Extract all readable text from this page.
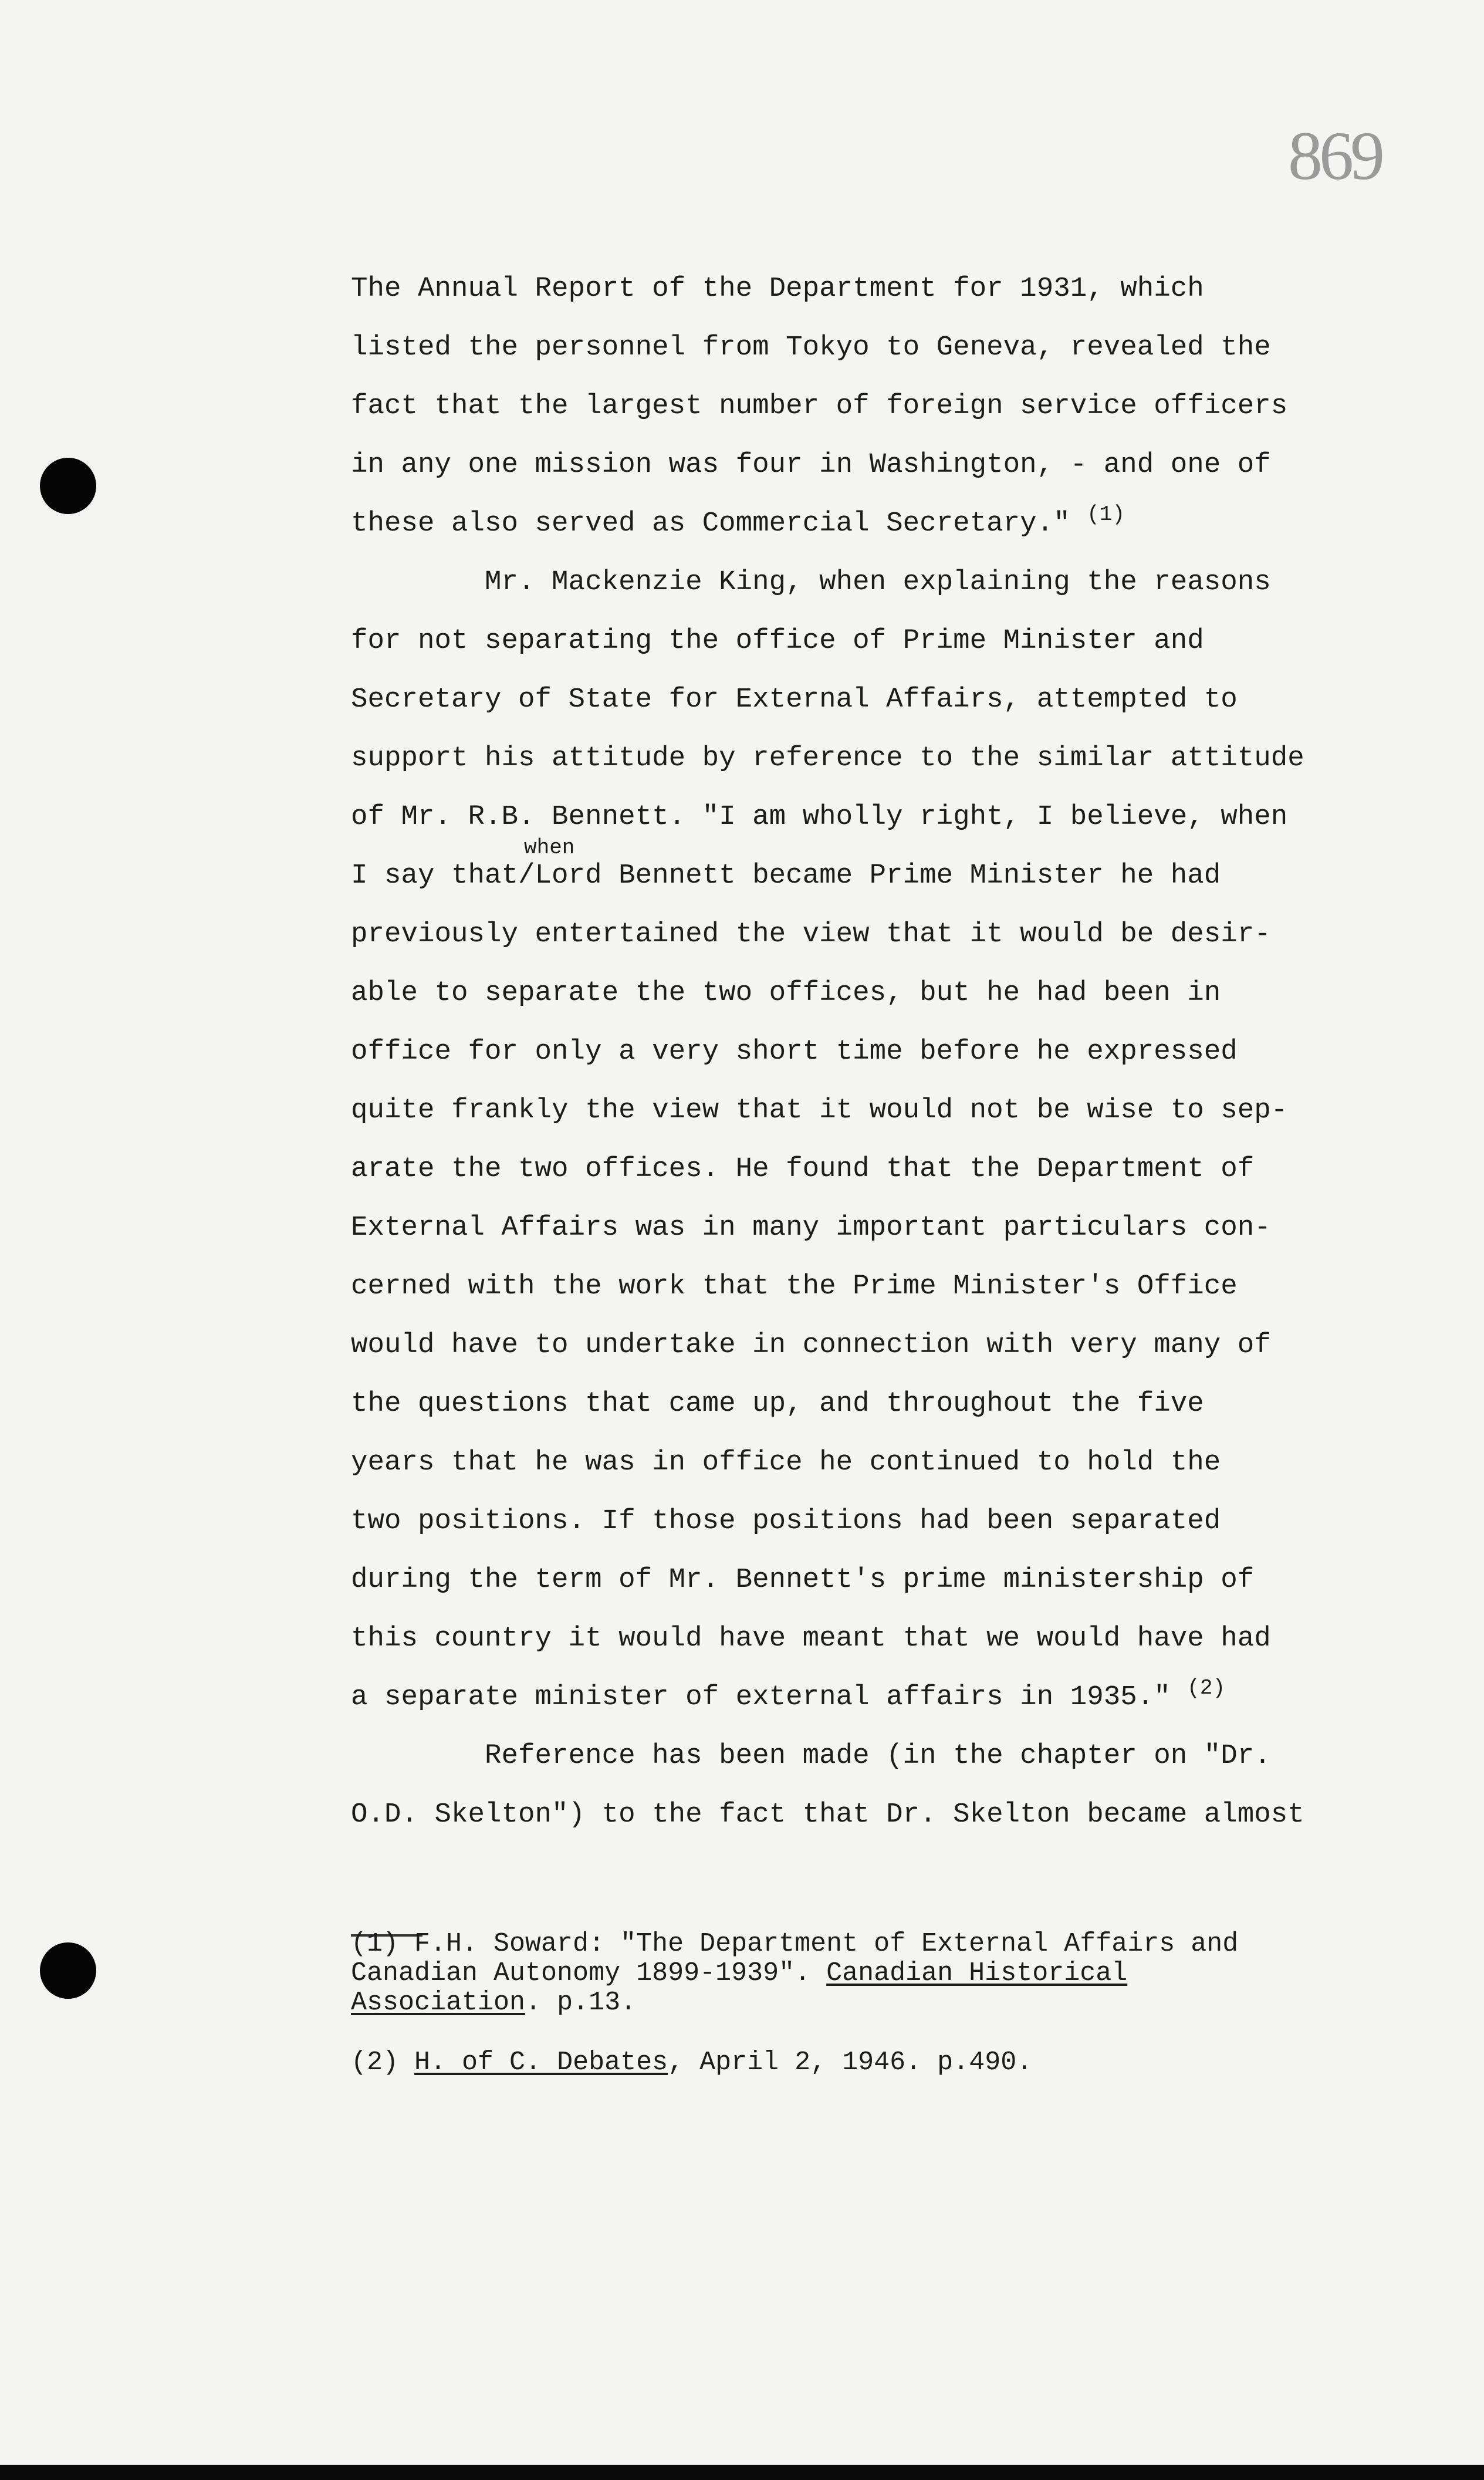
869
The Annual Report of the Department for 1931, which
listed the personnel from Tokyo to Geneva, revealed the
fact that the largest number of foreign service officers
in any one mission was four in Washington, - and one of
these also served as Commercial Secretary." $^{(1)}$
Mr. Mackenzie King, when explaining the reasons
for not separating the office of Prime Minister and
Secretary of State for External Affairs, attempted to
support his attitude by reference to the similar attitude
of Mr. R.B. Bennett. "I am wholly right, I believe, when
when
I say that/Lord Bennett became Prime Minister he had
previously entertained the view that it would be desir-
able to separate the two offices, but he had been in
office for only a very short time before he expressed
quite frankly the view that it would not be wise to sep-
arate the two offices. He found that the Department of
External Affairs was in many important particulars con-
cerned with the work that the Prime Minister's Office
would have to undertake in connection with very many of
the questions that came up, and throughout the five
years that he was in office he continued to hold the
two positions. If those positions had been separated
during the term of Mr. Bennett's prime ministership of
this country it would have meant that we would have had
a separate minister of external affairs in 1935." $^{(2)}$
Reference has been made (in the chapter on "Dr.
O.D. Skelton") to the fact that Dr. Skelton became almost
(1) F.H. Soward: "The Department of External Affairs and
Canadian Autonomy 1899-1939". Canadian Historical
Association. p.13.
(2) H. of C. Debates, April 2, 1946. p.490.
